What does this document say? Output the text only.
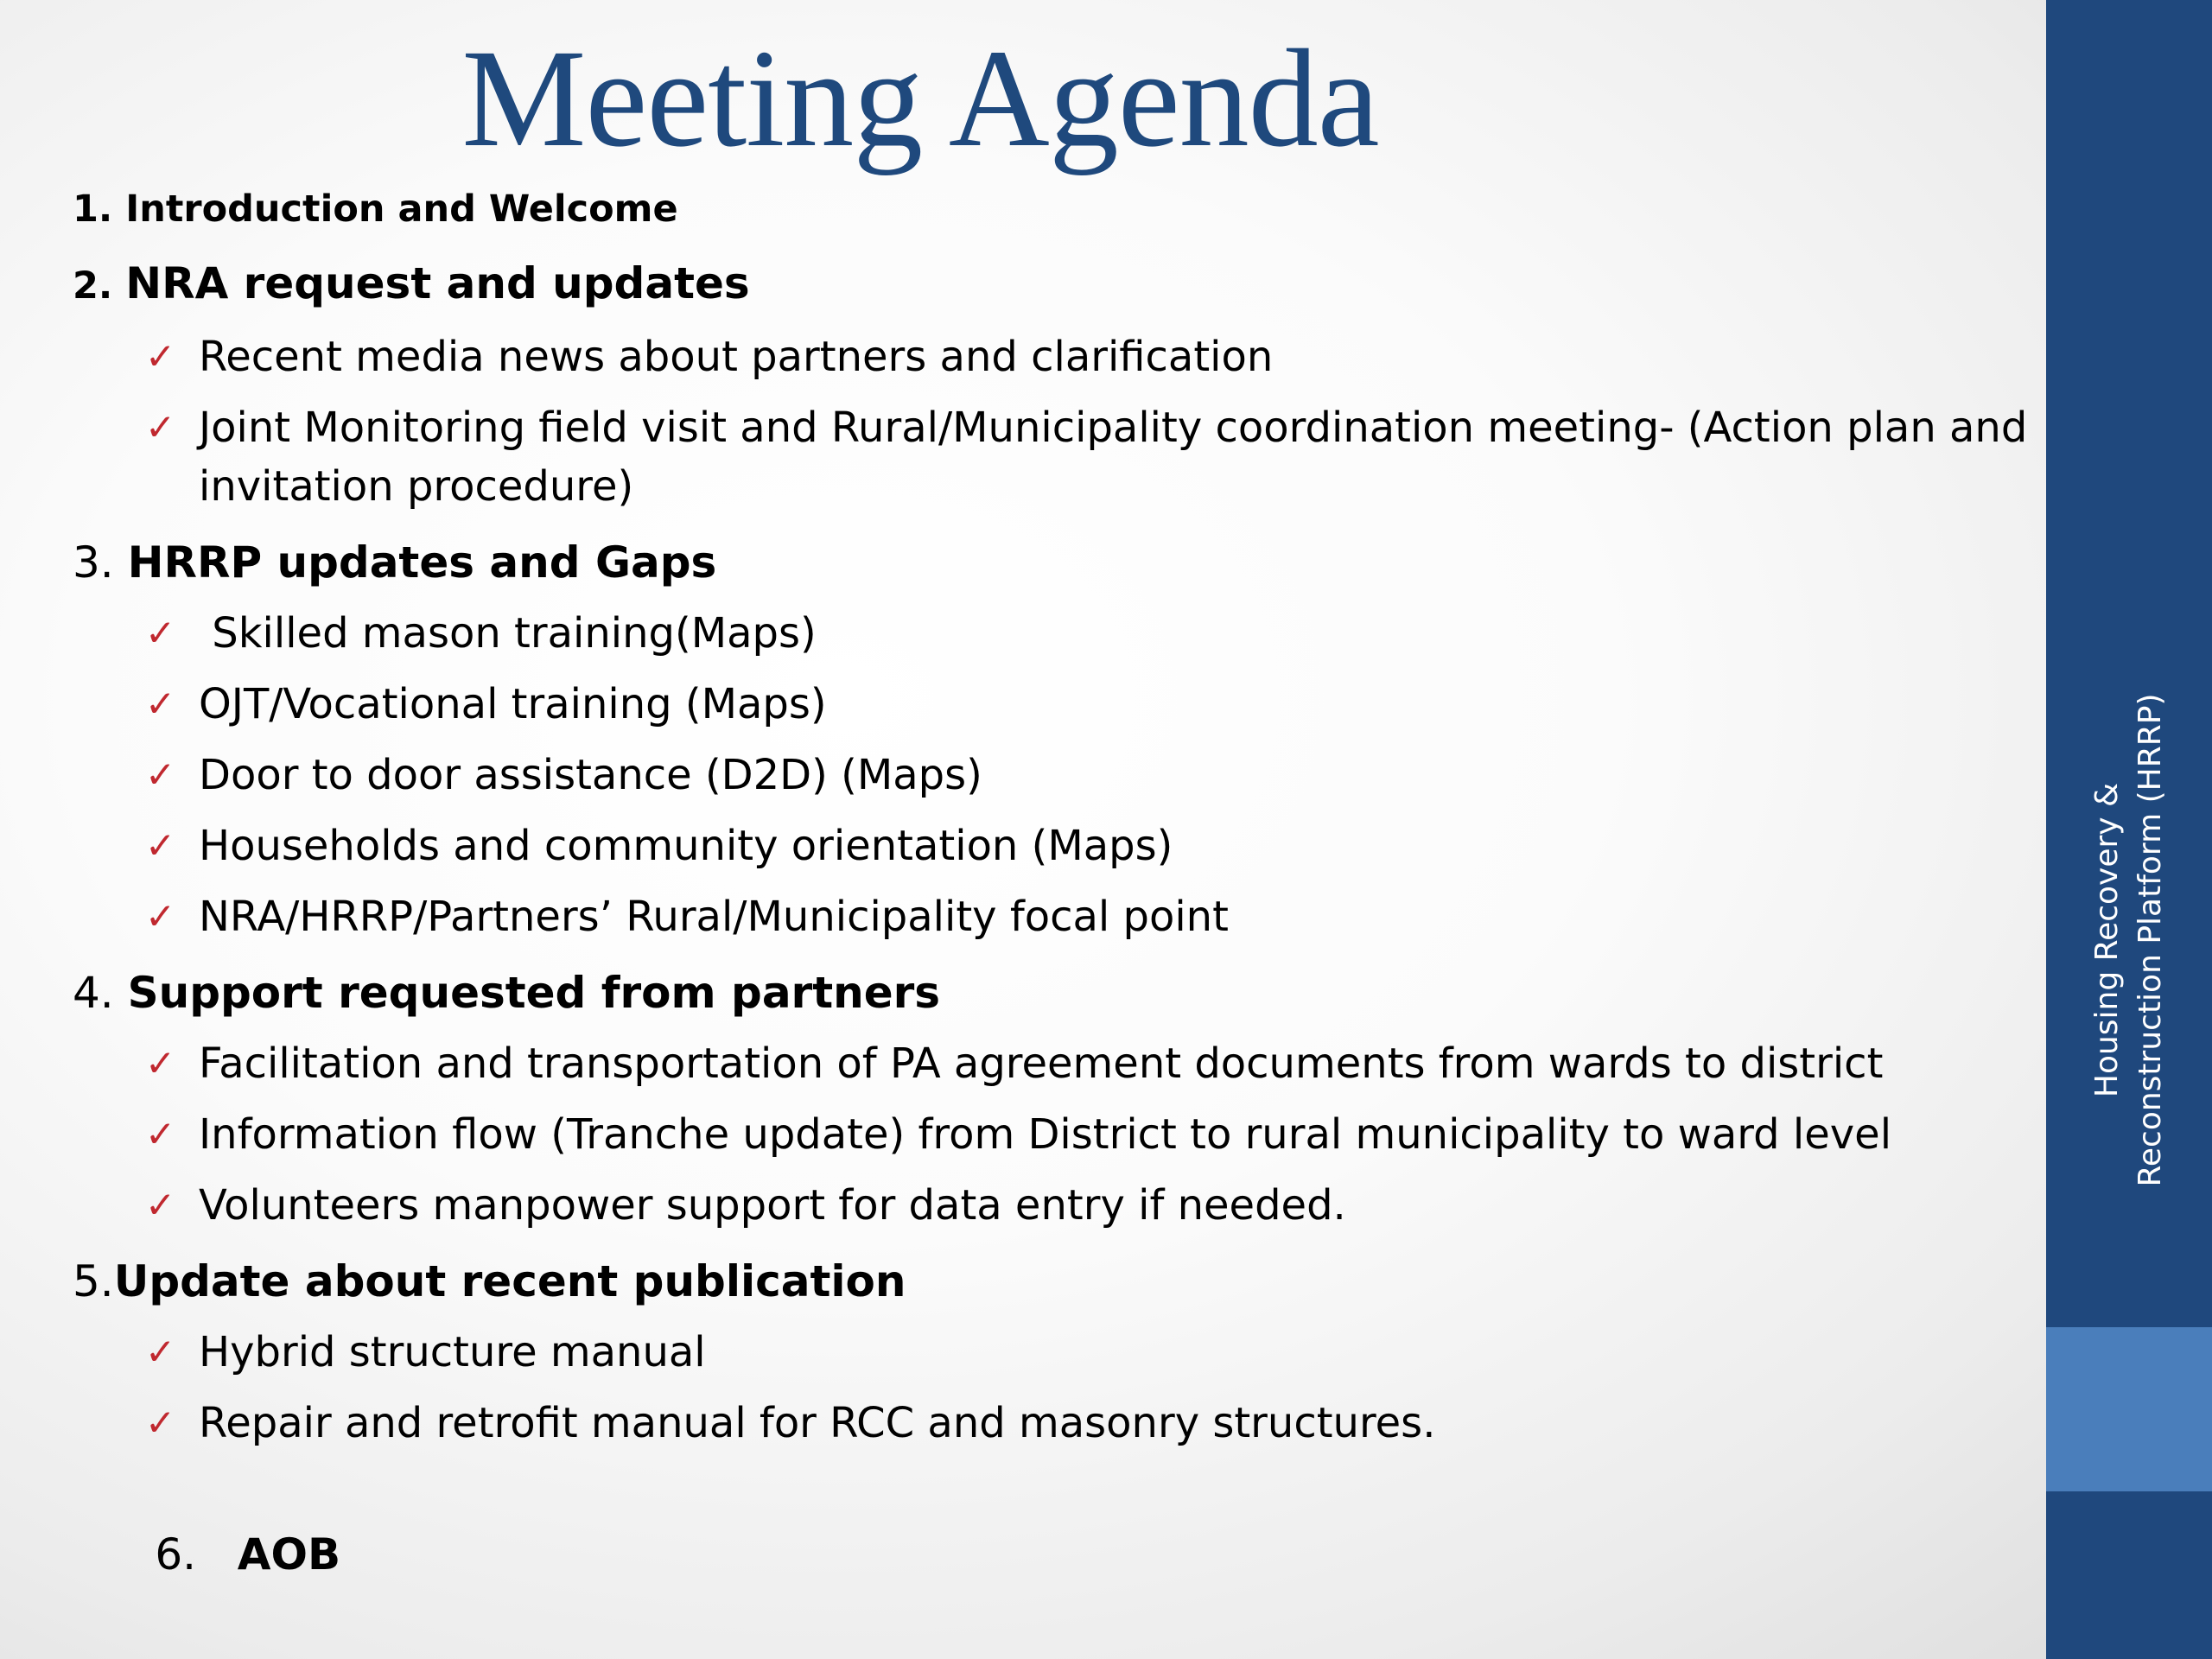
Meeting Agenda
1. Introduction and Welcome
2. NRA request and updates
✓ Recent media news about partners and clarification
✓ Joint Monitoring field visit and Rural/Municipality coordination meeting- (Action plan and invitation procedure)
3. HRRP updates and Gaps
✓ Skilled mason training(Maps)
✓ OJT/Vocational training (Maps)
✓ Door to door assistance (D2D) (Maps)
✓ Households and community orientation (Maps)
✓ NRA/HRRP/Partners’ Rural/Municipality focal point
4. Support requested from partners
✓ Facilitation and transportation of PA agreement documents from wards to district
✓ Information flow (Tranche update) from District to rural municipality to ward level
✓ Volunteers manpower support for data entry if needed.
5.Update about recent publication
✓ Hybrid structure manual
✓ Repair and retrofit manual for RCC and masonry structures.

6.   AOB

Housing Recovery & Reconstruction Platform (HRRP)
